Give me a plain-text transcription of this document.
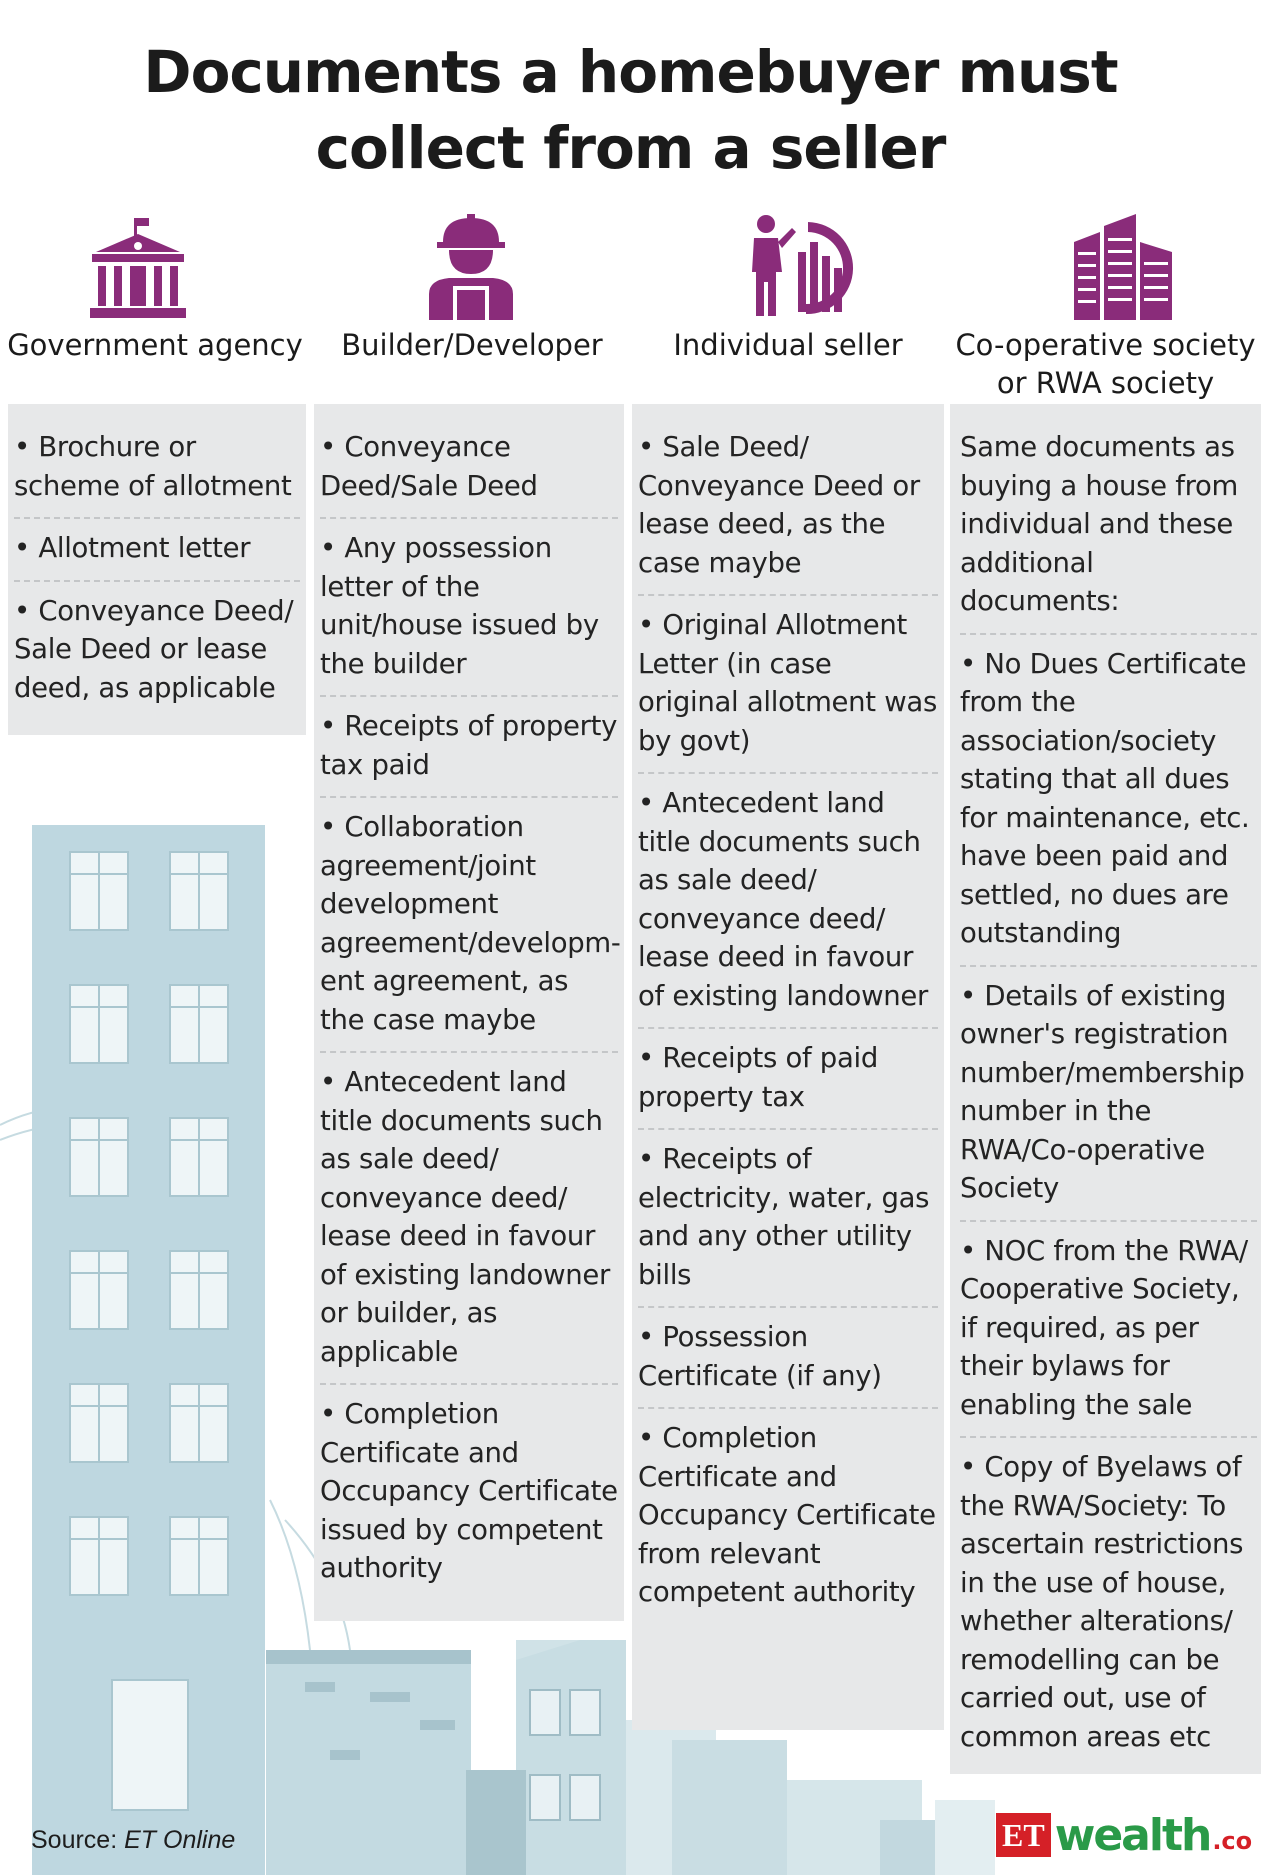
Documents a homebuyer must
collect from a seller
Government agency	Builder/Developer	Individual seller	Co-operative society
or RWA society

• Brochure or scheme of allotment

• Allotment letter

• Conveyance Deed/ Sale Deed or lease deed, as applicable

• Conveyance Deed/Sale Deed

• Any possession letter of the unit/house issued by the builder

• Receipts of property tax paid

• Collaboration agreement/joint development agreement/developm-ent agreement, as the case maybe

• Antecedent land title documents such as sale deed/ conveyance deed/ lease deed in favour of existing landowner or builder, as applicable

• Completion Certificate and Occupancy Certificate issued by competent authority

• Sale Deed/ Conveyance Deed or lease deed, as the case maybe

• Original Allotment Letter (in case original allotment was by govt)

• Antecedent land title documents such as sale deed/ conveyance deed/ lease deed in favour of existing landowner

• Receipts of paid property tax

• Receipts of electricity, water, gas and any other utility bills

• Possession Certificate (if any)

• Completion Certificate and Occupancy Certificate from relevant competent authority

Same documents as buying a house from individual and these additional documents:

• No Dues Certificate from the association/society stating that all dues for maintenance, etc. have been paid and settled, no dues are outstanding

• Details of existing owner's registration number/membership number in the RWA/Co-operative Society

• NOC from the RWA/ Cooperative Society, if required, as per their bylaws for enabling the sale

• Copy of Byelaws of the RWA/Society: To ascertain restrictions in the use of house, whether alterations/ remodelling can be carried out, use of common areas etc

Source: ET Online	ET wealth .co
